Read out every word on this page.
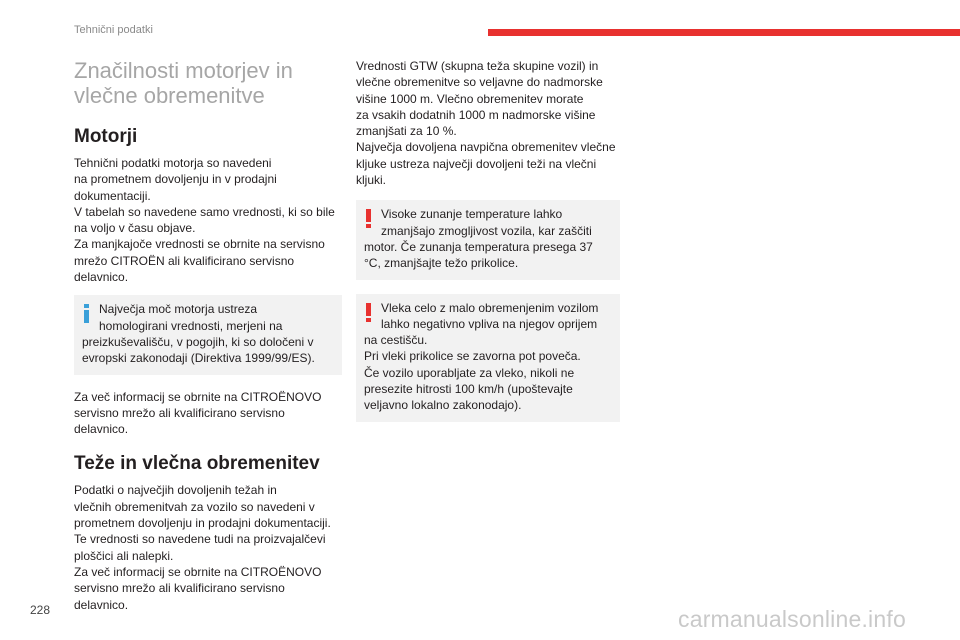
Tehnični podatki
Značilnosti motorjev in
vlečne obremenitve
Motorji

Tehnični podatki motorja so navedeni
na prometnem dovoljenju in v prodajni
dokumentaciji.
V tabelah so navedene samo vrednosti, ki so bile
na voljo v času objave.
Za manjkajoče vrednosti se obrnite na servisno
mrežo CITROËN ali kvalificirano servisno
delavnico.

Največja moč motorja ustreza
homologirani vrednosti, merjeni na
preizkuševališču, v pogojih, ki so določeni v
evropski zakonodaji (Direktiva 1999/99/ES).

Za več informacij se obrnite na CITROËNOVO
servisno mrežo ali kvalificirano servisno
delavnico.

Teže in vlečna obremenitev

Podatki o največjih dovoljenih težah in
vlečnih obremenitvah za vozilo so navedeni v
prometnem dovoljenju in prodajni dokumentaciji.
Te vrednosti so navedene tudi na proizvajalčevi
ploščici ali nalepki.
Za več informacij se obrnite na CITROËNOVO
servisno mrežo ali kvalificirano servisno
delavnico.

Vrednosti GTW (skupna teža skupine vozil) in
vlečne obremenitve so veljavne do nadmorske
višine 1000 m. Vlečno obremenitev morate
za vsakih dodatnih 1000 m nadmorske višine
zmanjšati za 10 %.
Največja dovoljena navpična obremenitev vlečne
kljuke ustreza največji dovoljeni teži na vlečni
kljuki.

Visoke zunanje temperature lahko
zmanjšajo zmogljivost vozila, kar zaščiti
motor. Če zunanja temperatura presega 37
°C, zmanjšajte težo prikolice.
Vleka celo z malo obremenjenim vozilom
lahko negativno vpliva na njegov oprijem
na cestišču.
Pri vleki prikolice se zavorna pot poveča.
Če vozilo uporabljate za vleko, nikoli ne
presezite hitrosti 100 km/h (upoštevajte
veljavno lokalno zakonodajo).
228	carmanualsonline.info
